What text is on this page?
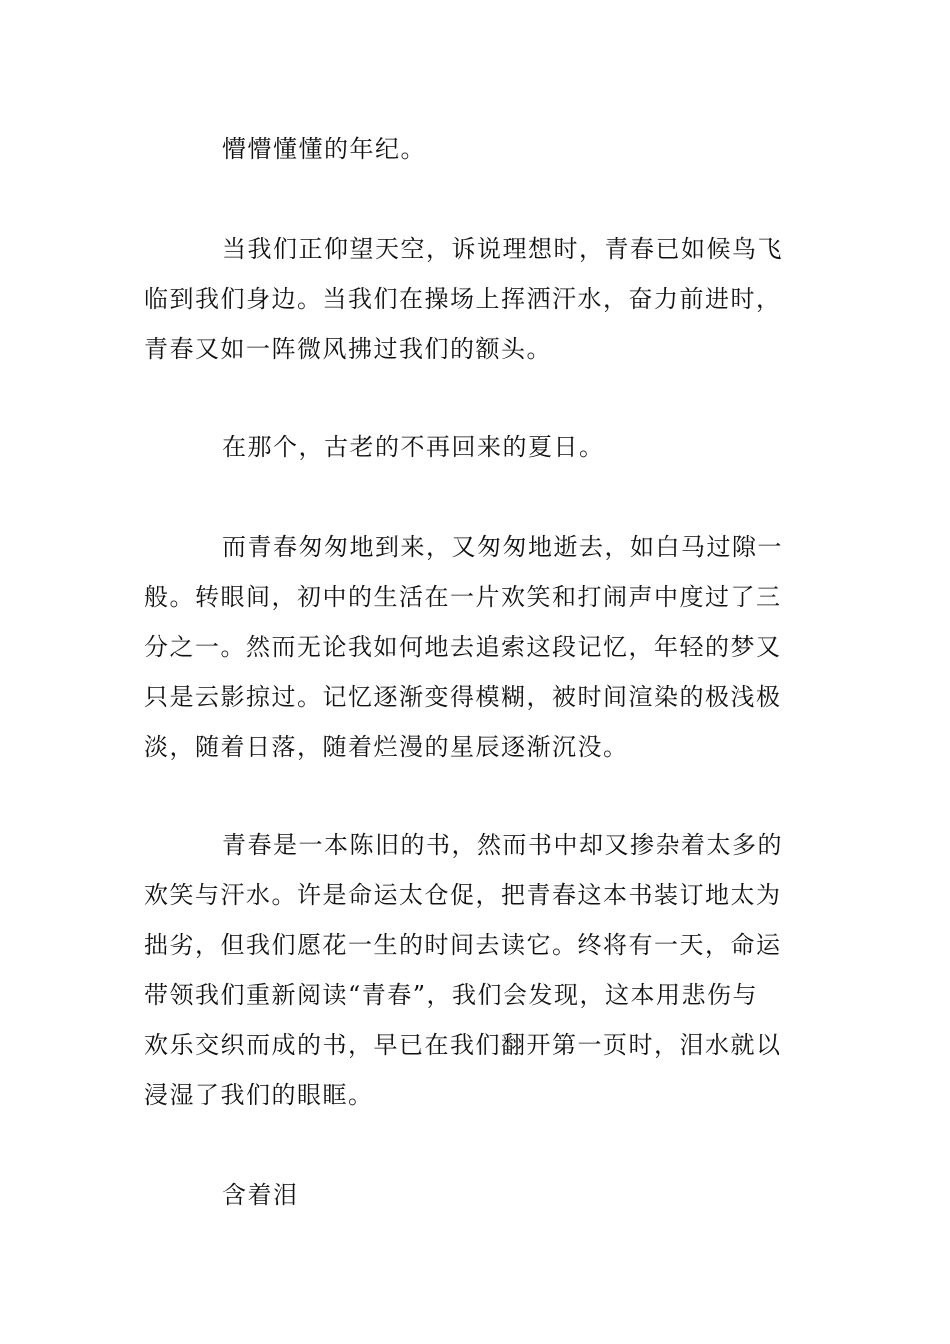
懵懵懂懂的年纪。

当我们正仰望天空，诉说理想时，青春已如候鸟飞
临到我们身边。当我们在操场上挥洒汗水，奋力前进时，
青春又如一阵微风拂过我们的额头。

在那个，古老的不再回来的夏日。

而青春匆匆地到来，又匆匆地逝去，如白马过隙一
般。转眼间，初中的生活在一片欢笑和打闹声中度过了三
分之一。然而无论我如何地去追索这段记忆，年轻的梦又
只是云影掠过。记忆逐渐变得模糊，被时间渲染的极浅极
淡，随着日落，随着烂漫的星辰逐渐沉没。

青春是一本陈旧的书，然而书中却又掺杂着太多的
欢笑与汗水。许是命运太仓促，把青春这本书装订地太为
拙劣，但我们愿花一生的时间去读它。终将有一天，命运
带领我们重新阅读“青春”，我们会发现，这本用悲伤与
欢乐交织而成的书，早已在我们翻开第一页时，泪水就以
浸湿了我们的眼眶。

含着泪
